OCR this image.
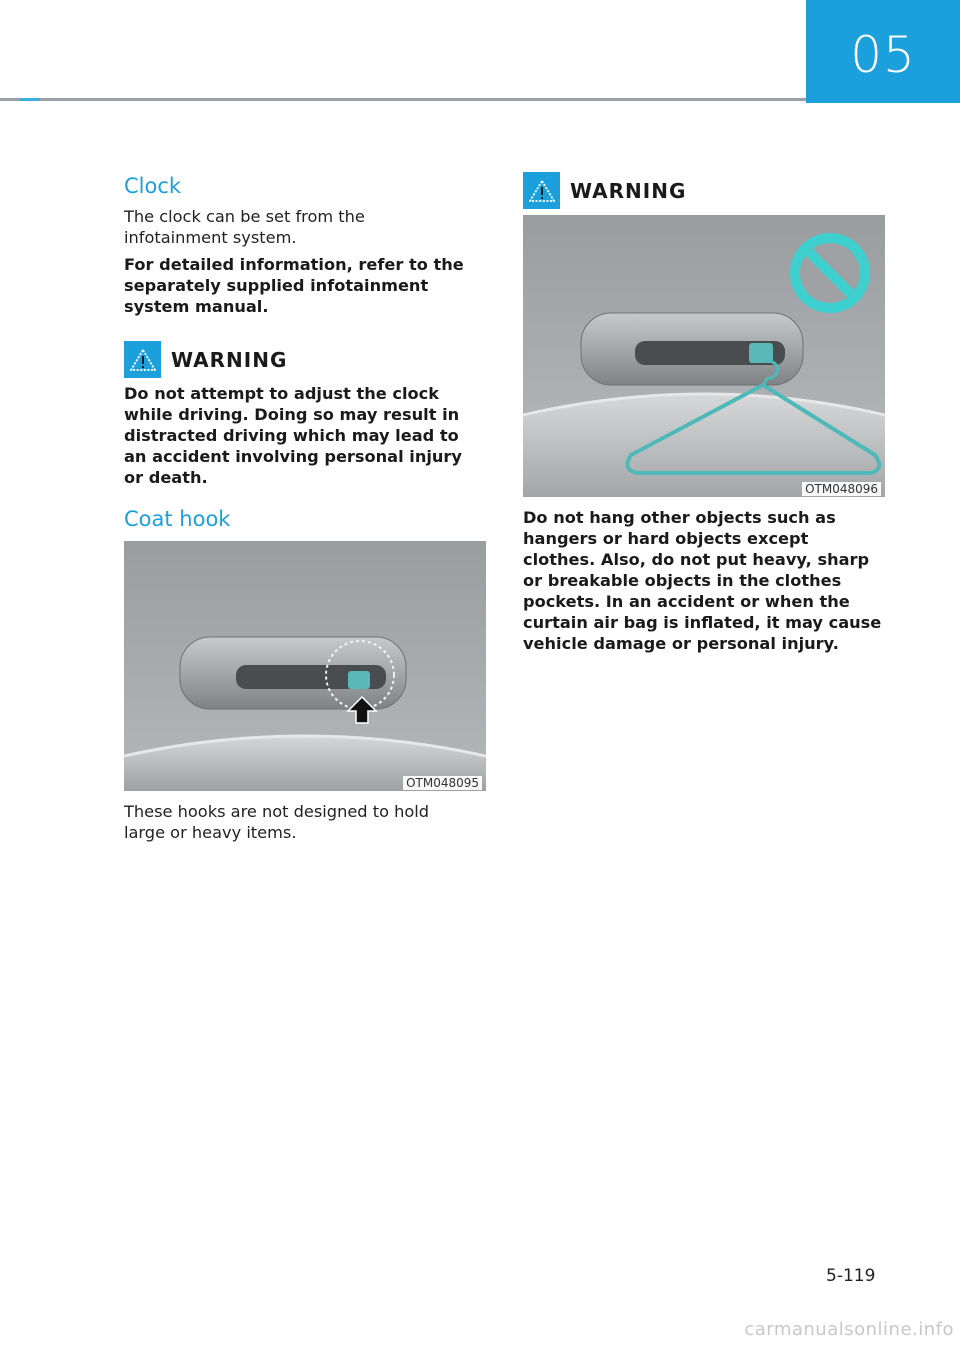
05
Clock
The clock can be set from the infotainment system.
For detailed information, refer to the separately supplied infotainment system manual.
WARNING
Do not attempt to adjust the clock while driving. Doing so may result in distracted driving which may lead to an accident involving personal injury or death.
Coat hook
OTM048095
These hooks are not designed to hold large or heavy items.
WARNING
OTM048096
Do not hang other objects such as hangers or hard objects except clothes. Also, do not put heavy, sharp or breakable objects in the clothes pockets. In an accident or when the curtain air bag is inflated, it may cause vehicle damage or personal injury.
5-119
carmanualsonline.info
